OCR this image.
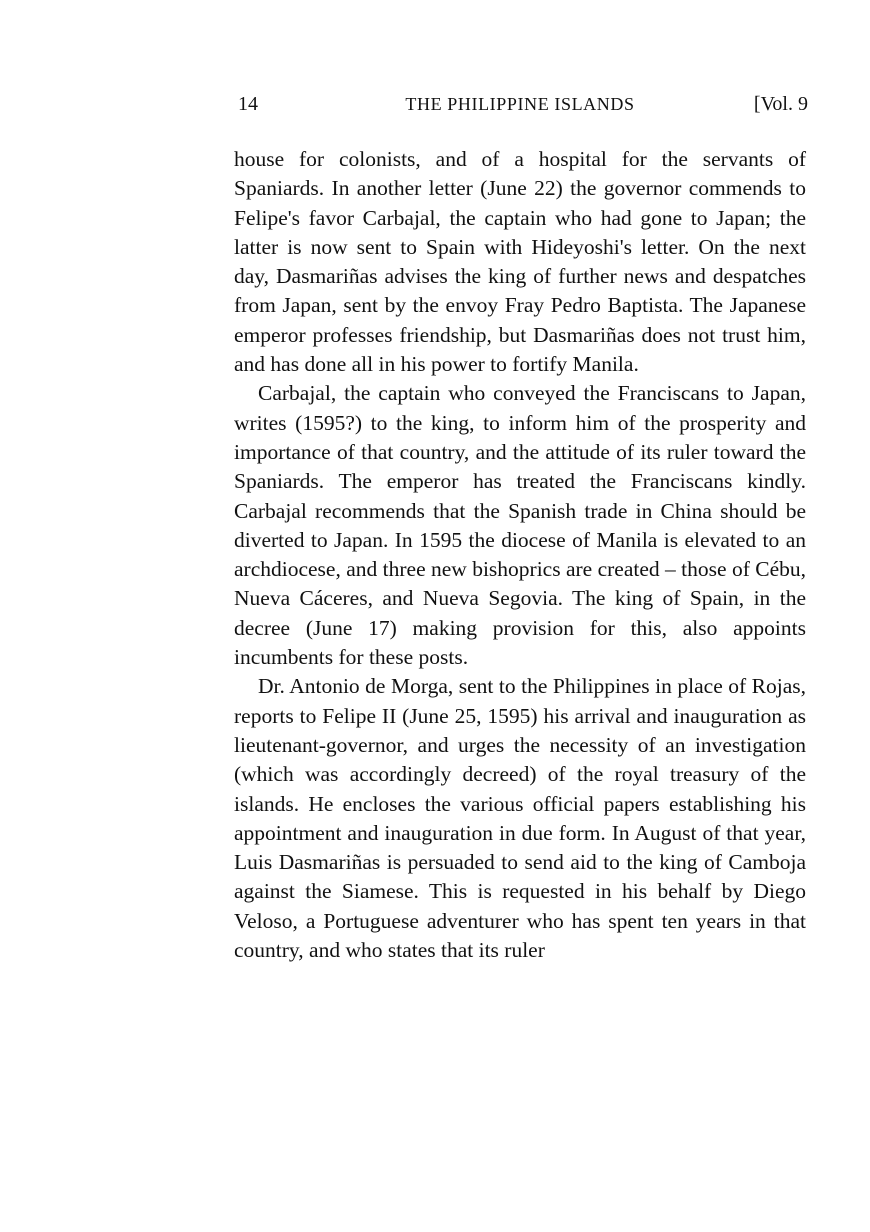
14	THE PHILIPPINE ISLANDS	[Vol. 9

house for colonists, and of a hospital for the servants of Spaniards. In another letter (June 22) the governor commends to Felipe's favor Carbajal, the captain who had gone to Japan; the latter is now sent to Spain with Hideyoshi's letter. On the next day, Dasmariñas advises the king of further news and despatches from Japan, sent by the envoy Fray Pedro Baptista. The Japanese emperor professes friendship, but Dasmariñas does not trust him, and has done all in his power to fortify Manila.

Carbajal, the captain who conveyed the Franciscans to Japan, writes (1595?) to the king, to inform him of the prosperity and importance of that country, and the attitude of its ruler toward the Spaniards. The emperor has treated the Franciscans kindly. Carbajal recommends that the Spanish trade in China should be diverted to Japan. In 1595 the diocese of Manila is elevated to an archdiocese, and three new bishoprics are created – those of Cébu, Nueva Cáceres, and Nueva Segovia. The king of Spain, in the decree (June 17) making provision for this, also appoints incumbents for these posts.

Dr. Antonio de Morga, sent to the Philippines in place of Rojas, reports to Felipe II (June 25, 1595) his arrival and inauguration as lieutenant-governor, and urges the necessity of an investigation (which was accordingly decreed) of the royal treasury of the islands. He encloses the various official papers establishing his appointment and inauguration in due form. In August of that year, Luis Dasmariñas is persuaded to send aid to the king of Camboja against the Siamese. This is requested in his behalf by Diego Veloso, a Portuguese adventurer who has spent ten years in that country, and who states that its ruler
